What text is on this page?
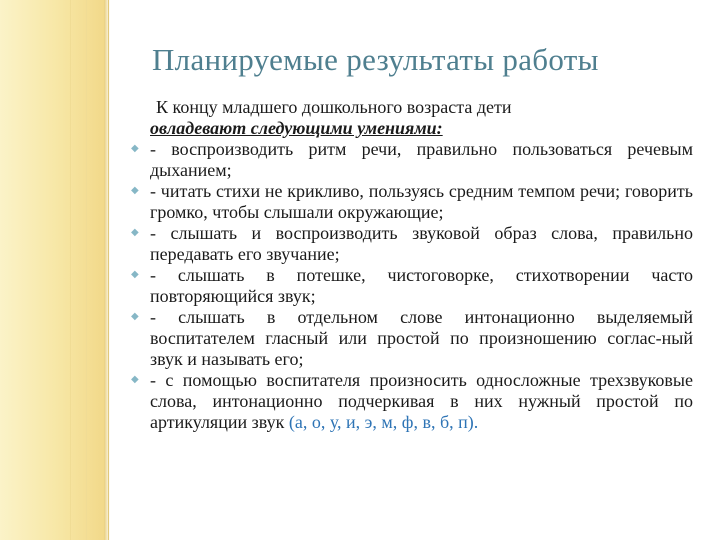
Планируемые результаты работы
К концу младшего дошкольного возраста дети
овладевают следующими умениями:
◆ - воспроизводить ритм речи, правильно пользоваться речевым дыханием;
◆ - читать стихи не крикливо, пользуясь средним темпом речи; говорить громко, чтобы слышали окружающие;
◆ - слышать и воспроизводить звуковой образ слова, правильно передавать его звучание;
◆ - слышать в потешке, чистоговорке, стихотворении часто повторяющийся звук;
◆ - слышать в отдельном слове интонационно выделяемый воспитателем гласный или простой по произношению соглас-ный звук и называть его;
◆ - с помощью воспитателя произносить односложные трехзвуковые слова, интонационно подчеркивая в них нужный простой по артикуляции звук (а, о, у, и, э, м, ф, в, б, п).
